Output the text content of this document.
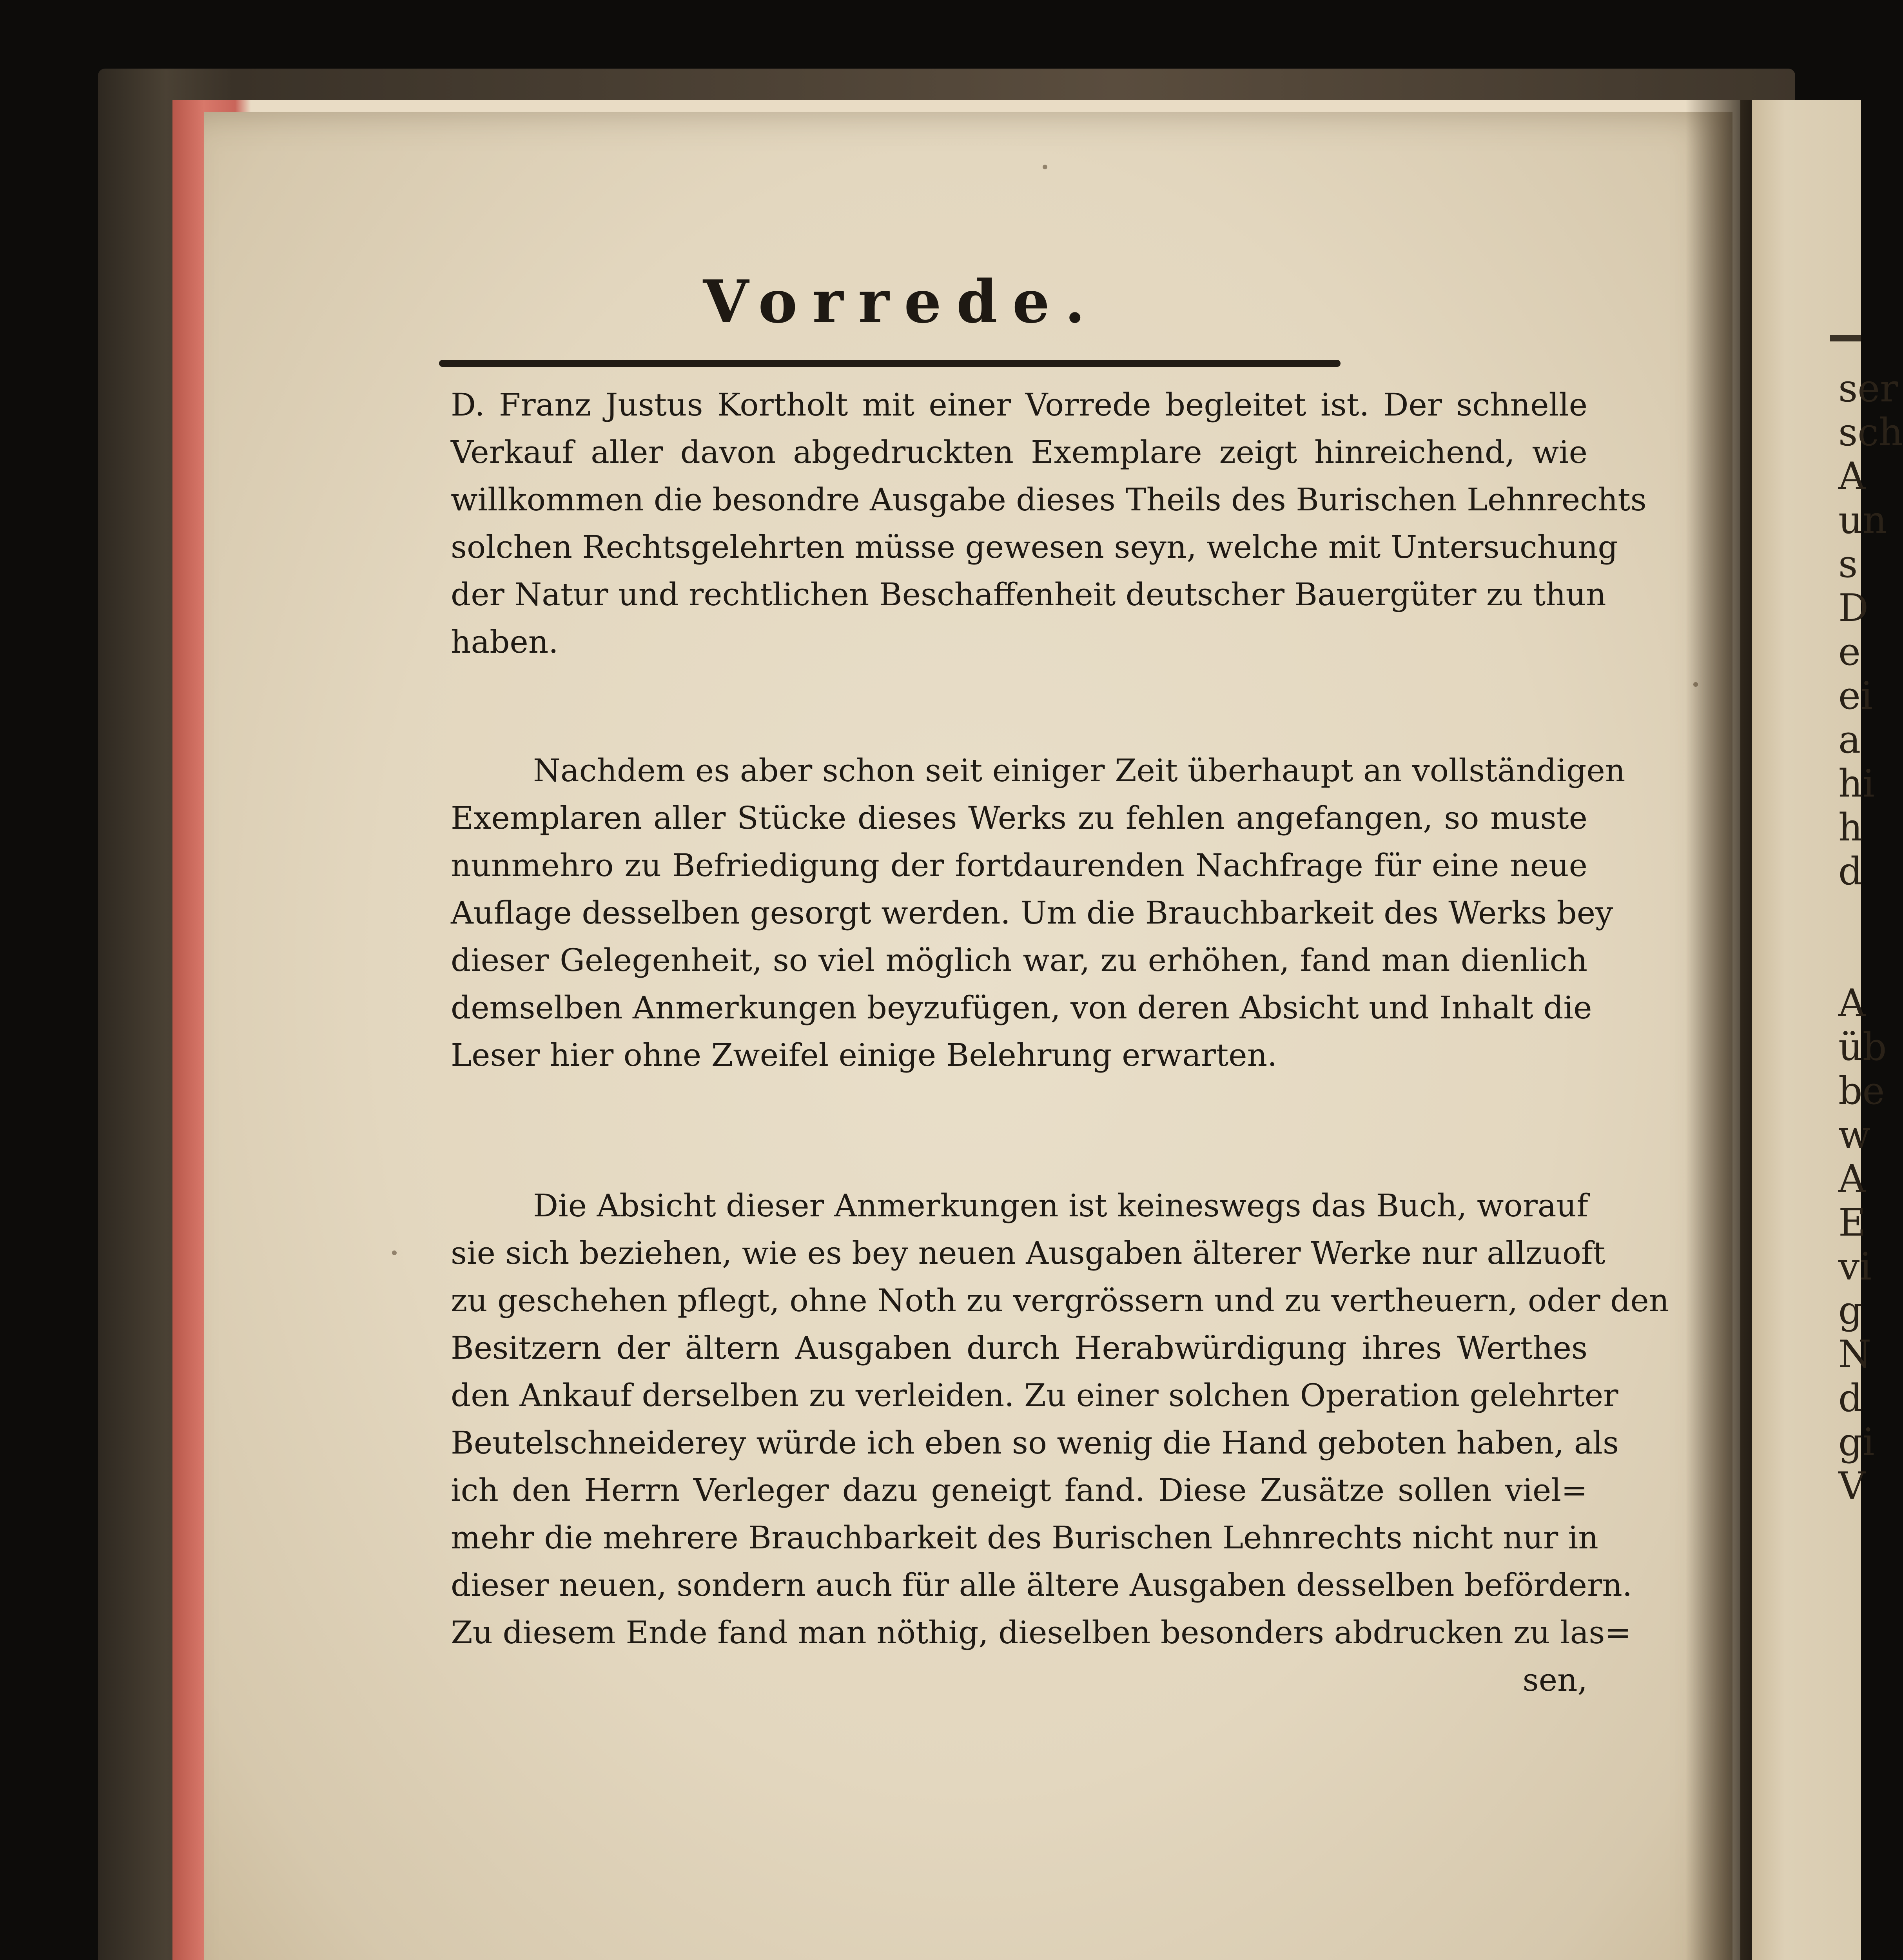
ser
sch
A
un
s
D
e
ei
a
hi
h
d
A
üb
be
w
A
E
vi
g
N
d
gi
V
Vorrede.
D. Franz Justus Kortholt mit einer Vorrede begleitet ist. Der schnelle
Verkauf aller davon abgedruckten Exemplare zeigt hinreichend, wie
willkommen die besondre Ausgabe dieses Theils des Burischen Lehnrechts
solchen Rechtsgelehrten müsse gewesen seyn, welche mit Untersuchung
der Natur und rechtlichen Beschaffenheit deutscher Bauergüter zu thun
haben.
Nachdem es aber schon seit einiger Zeit überhaupt an vollständigen
Exemplaren aller Stücke dieses Werks zu fehlen angefangen, so muste
nunmehro zu Befriedigung der fortdaurenden Nachfrage für eine neue
Auflage desselben gesorgt werden. Um die Brauchbarkeit des Werks bey
dieser Gelegenheit, so viel möglich war, zu erhöhen, fand man dienlich
demselben Anmerkungen beyzufügen, von deren Absicht und Inhalt die
Leser hier ohne Zweifel einige Belehrung erwarten.
Die Absicht dieser Anmerkungen ist keineswegs das Buch, worauf
sie sich beziehen, wie es bey neuen Ausgaben älterer Werke nur allzuoft
zu geschehen pflegt, ohne Noth zu vergrössern und zu vertheuern, oder den
Besitzern der ältern Ausgaben durch Herabwürdigung ihres Werthes
den Ankauf derselben zu verleiden. Zu einer solchen Operation gelehrter
Beutelschneiderey würde ich eben so wenig die Hand geboten haben, als
ich den Herrn Verleger dazu geneigt fand. Diese Zusätze sollen viel=
mehr die mehrere Brauchbarkeit des Burischen Lehnrechts nicht nur in
dieser neuen, sondern auch für alle ältere Ausgaben desselben befördern.
Zu diesem Ende fand man nöthig, dieselben besonders abdrucken zu las=
sen,
